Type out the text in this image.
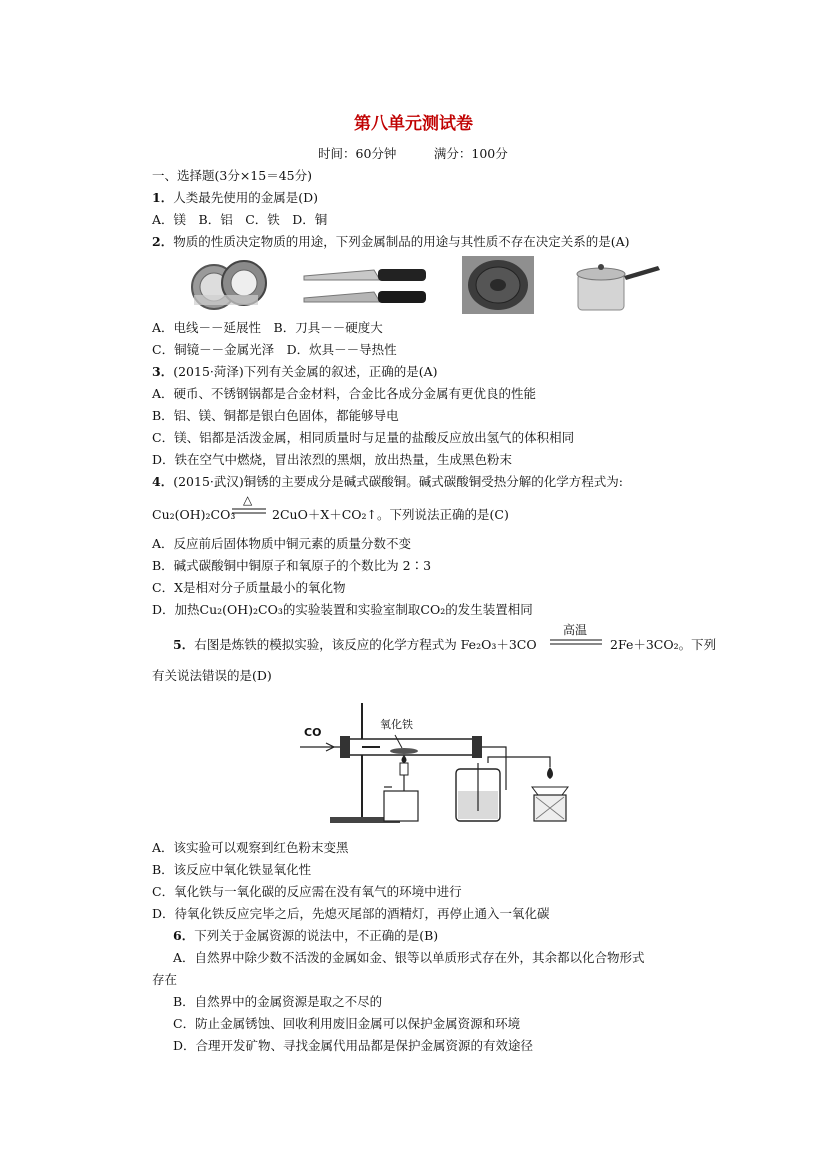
第八单元测试卷
时间：60分钟　　　满分：100分
一、选择题(3分×15＝45分)
1．人类最先使用的金属是(D)
A．镁　B．铝　C．铁　D．铜
2．物质的性质决定物质的用途，下列金属制品的用途与其性质不存在决定关系的是(A)
A．电线－－延展性　B．刀具－－硬度大
C．铜镜－－金属光泽　D．炊具－－导热性
3．(2015·菏泽)下列有关金属的叙述，正确的是(A)
A．硬币、不锈钢锅都是合金材料，合金比各成分金属有更优良的性能
B．铝、镁、铜都是银白色固体，都能够导电
C．镁、铝都是活泼金属，相同质量时与足量的盐酸反应放出氢气的体积相同
D．铁在空气中燃烧，冒出浓烈的黑烟，放出热量，生成黑色粉末
4．(2015·武汉)铜锈的主要成分是碱式碳酸铜。碱式碳酸铜受热分解的化学方程式为:
Cu₂(OH)₂CO₃
△
2CuO＋X＋CO₂↑。下列说法正确的是(C)
A．反应前后固体物质中铜元素的质量分数不变
B．碱式碳酸铜中铜原子和氧原子的个数比为 2∶3
C．X是相对分子质量最小的氧化物
D．加热Cu₂(OH)₂CO₃的实验装置和实验室制取CO₂的发生装置相同
5．右图是炼铁的模拟实验，该反应的化学方程式为 Fe₂O₃＋3CO
高温
2Fe＋3CO₂。下列
有关说法错误的是(D)
CO
氧化铁
A．该实验可以观察到红色粉末变黑
B．该反应中氧化铁显氧化性
C．氧化铁与一氧化碳的反应需在没有氧气的环境中进行
D．待氧化铁反应完毕之后，先熄灭尾部的酒精灯，再停止通入一氧化碳
6．下列关于金属资源的说法中，不正确的是(B)
A．自然界中除少数不活泼的金属如金、银等以单质形式存在外，其余都以化合物形式
存在
B．自然界中的金属资源是取之不尽的
C．防止金属锈蚀、回收利用废旧金属可以保护金属资源和环境
D．合理开发矿物、寻找金属代用品都是保护金属资源的有效途径
